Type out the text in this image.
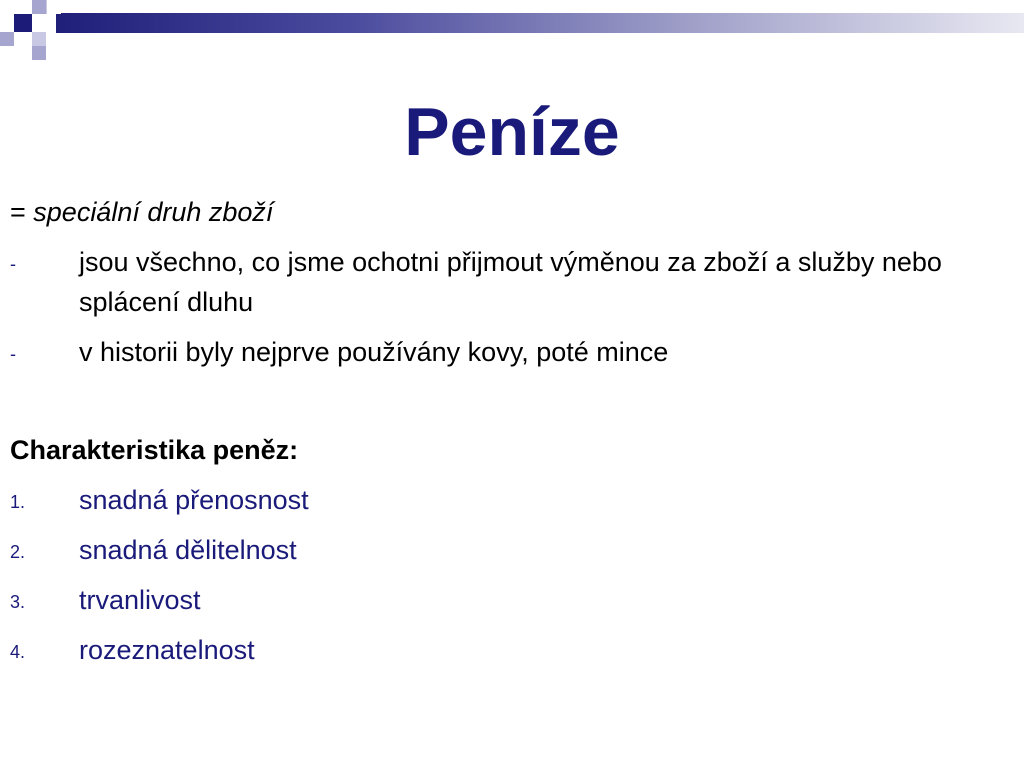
Peníze

= speciální druh zboží

- jsou všechno, co jsme ochotni přijmout výměnou za zboží a služby nebo splácení dluhu
- v historii byly nejprve používány kovy, poté mince
Charakteristika peněz:
1. snadná přenosnost
2. snadná dělitelnost
3. trvanlivost
4. rozeznatelnost
